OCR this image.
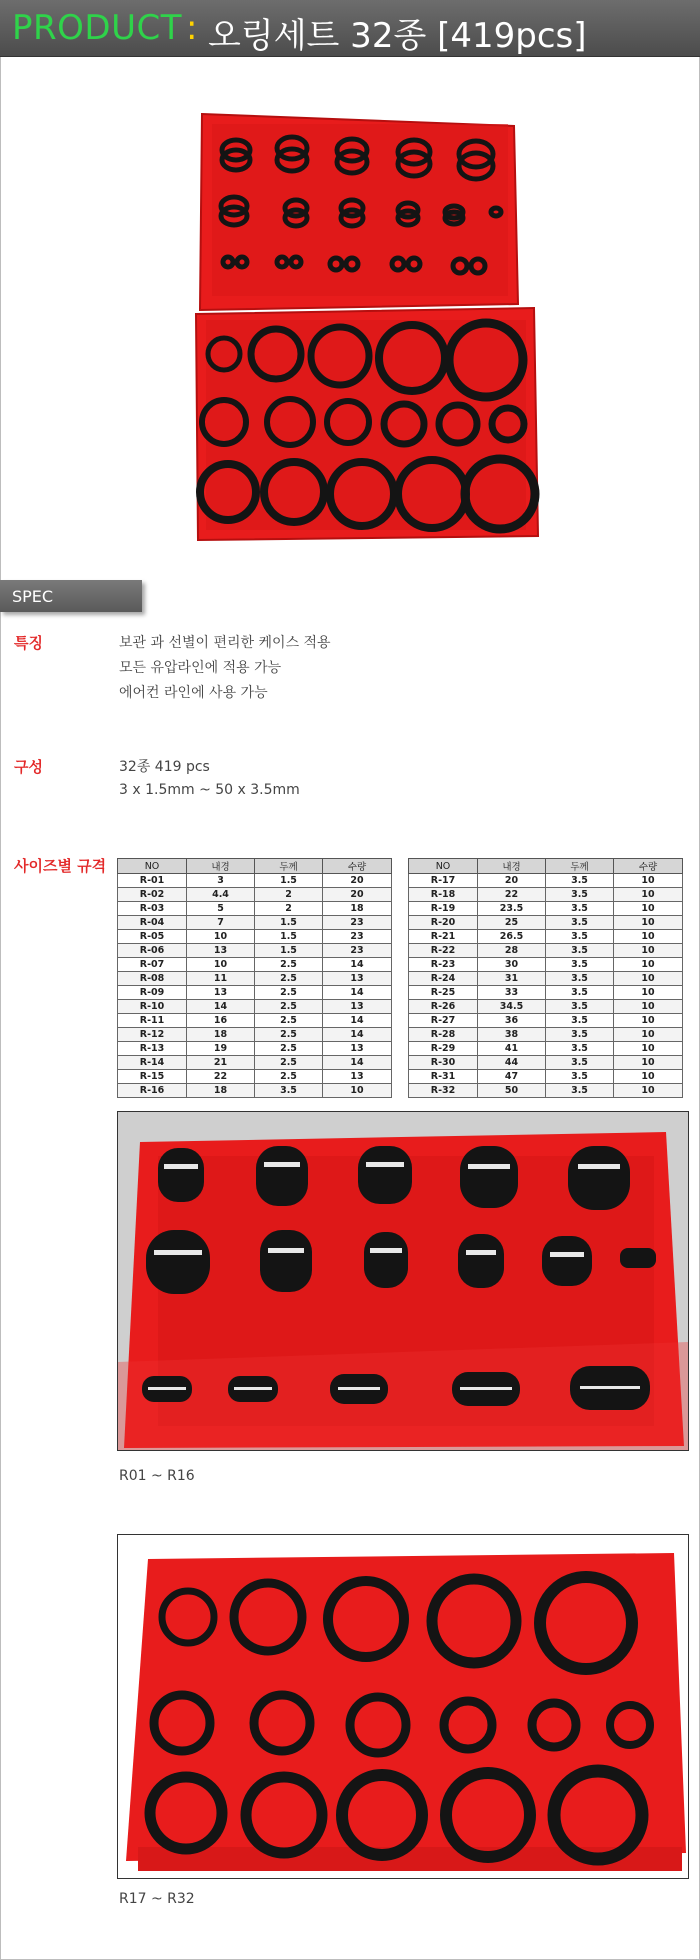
PRODUCT : 오링세트 32종 [419pcs]
SPEC
특징	보관 과 선별이 편리한 케이스 적용
모든 유압라인에 적용 가능
에어컨 라인에 사용 가능
구성	32종 419 pcs
3 x 1.5mm ~ 50 x 3.5mm
사이즈별 규격	NO	내경	두께	수량
R-01	3	1.5	20
R-02	4.4	2	20
R-03	5	2	18
R-04	7	1.5	23
R-05	10	1.5	23
R-06	13	1.5	23
R-07	10	2.5	14
R-08	11	2.5	13
R-09	13	2.5	14
R-10	14	2.5	13
R-11	16	2.5	14
R-12	18	2.5	14
R-13	19	2.5	13
R-14	21	2.5	14
R-15	22	2.5	13
R-16	18	3.5	10
NO	내경	두께	수량
R-17	20	3.5	10
R-18	22	3.5	10
R-19	23.5	3.5	10
R-20	25	3.5	10
R-21	26.5	3.5	10
R-22	28	3.5	10
R-23	30	3.5	10
R-24	31	3.5	10
R-25	33	3.5	10
R-26	34.5	3.5	10
R-27	36	3.5	10
R-28	38	3.5	10
R-29	41	3.5	10
R-30	44	3.5	10
R-31	47	3.5	10
R-32	50	3.5	10
R01 ~ R16
R17 ~ R32
